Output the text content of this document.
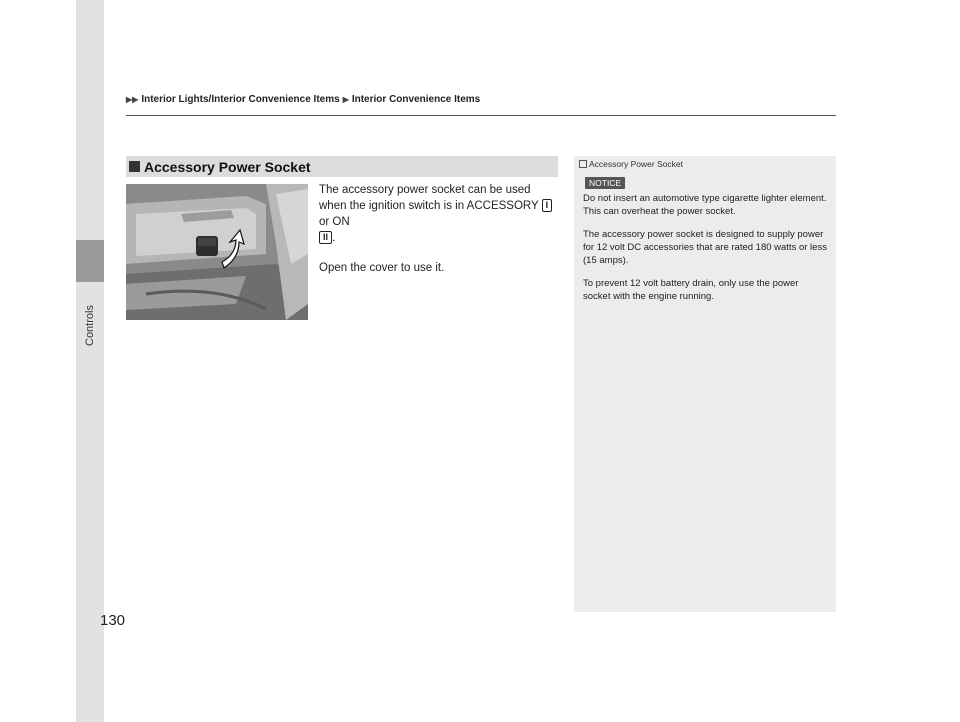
Controls
▶▶ Interior Lights/Interior Convenience Items ▶ Interior Convenience Items
Accessory Power Socket

The accessory power socket can be used when the ignition switch is in ACCESSORY I or ON
II .

Open the cover to use it.

Accessory Power Socket
NOTICE

Do not insert an automotive type cigarette lighter element.
This can overheat the power socket.

The accessory power socket is designed to supply power for 12 volt DC accessories that are rated 180 watts or less (15 amps).

To prevent 12 volt battery drain, only use the power socket with the engine running.

130
